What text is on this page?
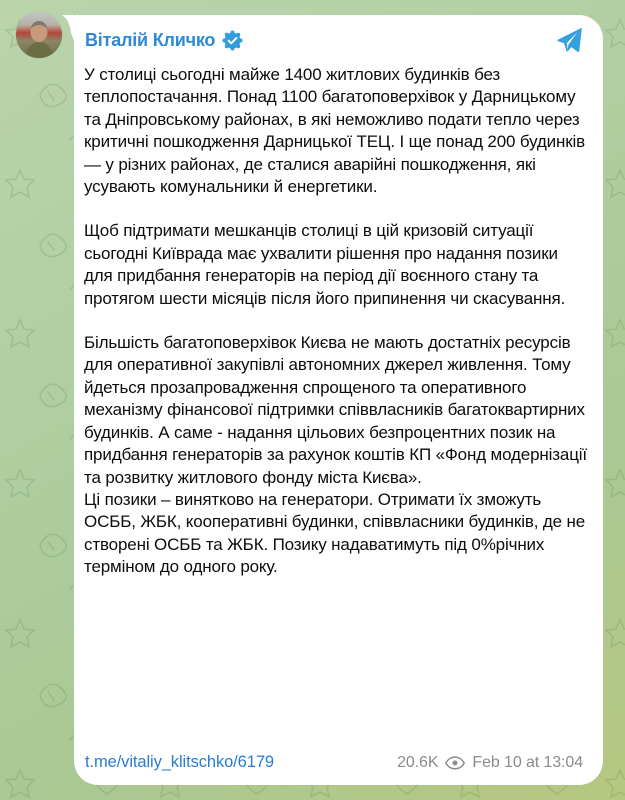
Віталій Кличко

У столиці сьогодні майже 1400 житлових будинків без теплопостачання. Понад 1100 багатоповерхівок у Дарницькому та Дніпровському районах, в які неможливо подати тепло через критичні пошкодження Дарницької ТЕЦ. І ще понад 200 будинків — у різних районах, де сталися аварійні пошкодження, які усувають комунальники й енергетики.

Щоб підтримати мешканців столиці в цій кризовій ситуації сьогодні Київрада має ухвалити рішення про надання позики для придбання генераторів на період дії воєнного стану та протягом шести місяців після його припинення чи скасування.

Більшість багатоповерхівок Києва не мають достатніх ресурсів для оперативної закупівлі автономних джерел живлення. Тому йдеться прозапровадження спрощеного та оперативного механізму фінансової підтримки співвласників багатоквартирних будинків. А саме - надання цільових безпроцентних позик на придбання генераторів за рахунок коштів КП «Фонд модернізації та розвитку житлового фонду міста Києва».

Ці позики – винятково на генератори. Отримати їх зможуть ОСББ, ЖБК, кооперативні будинки, співвласники будинків, де не створені ОСББ та ЖБК. Позику надаватимуть під 0%річних терміном до одного року.

t.me/vitaliy_klitschko/6179	20.6K Feb 10 at 13:04
